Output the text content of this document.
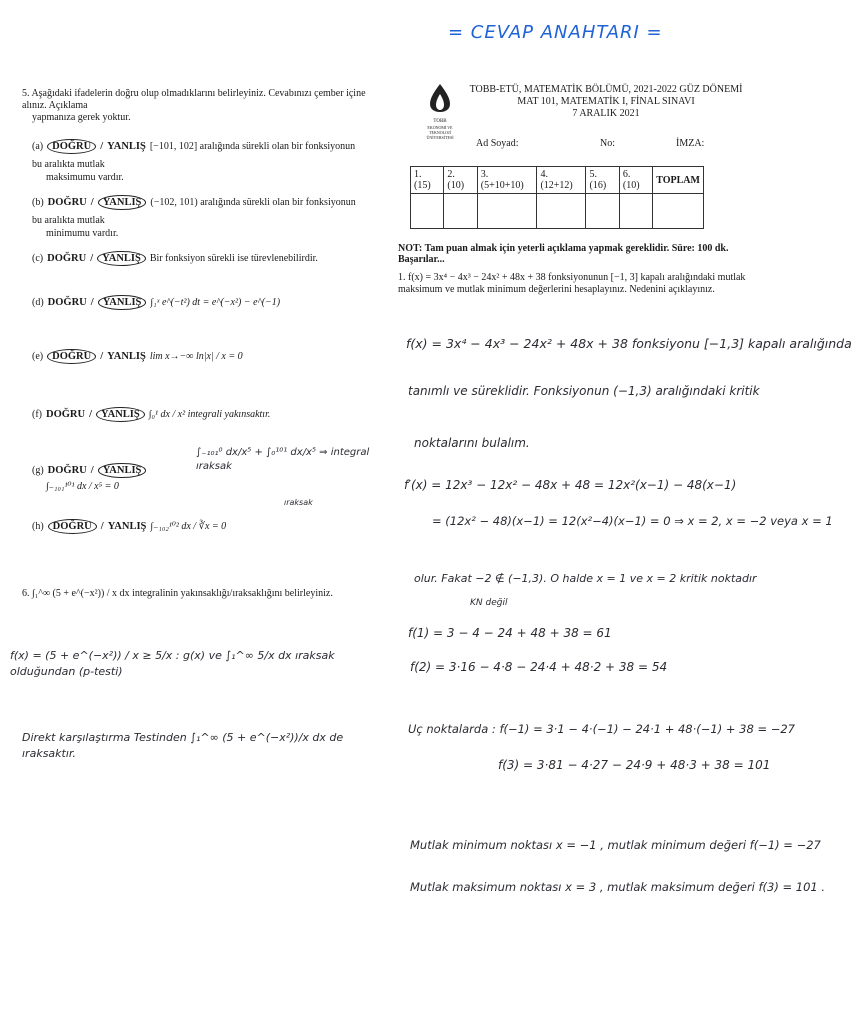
= CEVAP ANAHTARI =
TOBB
EKONOMİ VE TEKNOLOJİ
ÜNİVERSİTESİ
TOBB-ETÜ, MATEMATİK BÖLÜMÜ, 2021-2022 GÜZ DÖNEMİ
MAT 101, MATEMATİK I, FİNAL SINAVI
7 ARALIK 2021
Ad Soyad:	No:	İMZA:
1. (15)	2. (10)	3. (5+10+10)	4. (12+12)	5. (16)	6. (10)	TOPLAM

NOT: Tam puan almak için yeterli açıklama yapmak gereklidir. Süre: 100 dk. Başarılar...
1. f(x) = 3x⁴ − 4x³ − 24x² + 48x + 38 fonksiyonunun [−1, 3] kapalı aralığındaki mutlak maksimum ve mutlak minimum değerlerini hesaplayınız. Nedenini açıklayınız.
f(x) = 3x⁴ − 4x³ − 24x² + 48x + 38 fonksiyonu [−1,3] kapalı aralığında
tanımlı ve süreklidir. Fonksiyonun (−1,3) aralığındaki kritik
noktalarını bulalım.
f′(x) = 12x³ − 12x² − 48x + 48 = 12x²(x−1) − 48(x−1)
= (12x² − 48)(x−1) = 12(x²−4)(x−1) = 0 ⇒ x = 2, x = −2 veya x = 1
olur. Fakat −2 ∉ (−1,3). O halde x = 1 ve x = 2 kritik noktadır
KN değil
f(1) = 3 − 4 − 24 + 48 + 38 = 61
f(2) = 3·16 − 4·8 − 24·4 + 48·2 + 38 = 54
Uç noktalarda : f(−1) = 3·1 − 4·(−1) − 24·1 + 48·(−1) + 38 = −27
f(3) = 3·81 − 4·27 − 24·9 + 48·3 + 38 = 101
Mutlak minimum noktası x = −1 , mutlak minimum değeri f(−1) = −27
Mutlak maksimum noktası x = 3 , mutlak maksimum değeri f(3) = 101 .
5. Aşağıdaki ifadelerin doğru olup olmadıklarını belirleyiniz. Cevabınızı çember içine alınız. Açıklama
yapmanıza gerek yoktur.
(a) DOĞRU / YANLIŞ [−101, 102] aralığında sürekli olan bir fonksiyonun bu aralıkta mutlak
maksimumu vardır.
(b) DOĞRU / YANLIŞ (−102, 101) aralığında sürekli olan bir fonksiyonun bu aralıkta mutlak
minimumu vardır.
(c) DOĞRU / YANLIŞ Bir fonksiyon sürekli ise türevlenebilirdir.
(d) DOĞRU / YANLIŞ ∫₁ˣ e^(−t²) dt = e^(−x²) − e^(−1)
(e) DOĞRU / YANLIŞ lim x→−∞ ln|x| / x = 0
(f) DOĞRU / YANLIŞ ∫₀¹ dx / x² integrali yakınsaktır.
(g) DOĞRU / YANLIŞ
∫₋₁₀₁¹⁰¹ dx / x⁵ = 0
∫₋₁₀₁⁰ dx/x⁵ + ∫₀¹⁰¹ dx/x⁵ ⇒ integral ıraksak
ıraksak
(h) DOĞRU / YANLIŞ ∫₋₁₀₂¹⁰² dx / ∛x = 0
6. ∫₁^∞ (5 + e^(−x²)) / x dx integralinin yakınsaklığı/ıraksaklığını belirleyiniz.
f(x) = (5 + e^(−x²)) / x ≥ 5/x : g(x) ve ∫₁^∞ 5/x dx ıraksak olduğundan (p-testi)
Direkt karşılaştırma Testinden ∫₁^∞ (5 + e^(−x²))/x dx de ıraksaktır.
